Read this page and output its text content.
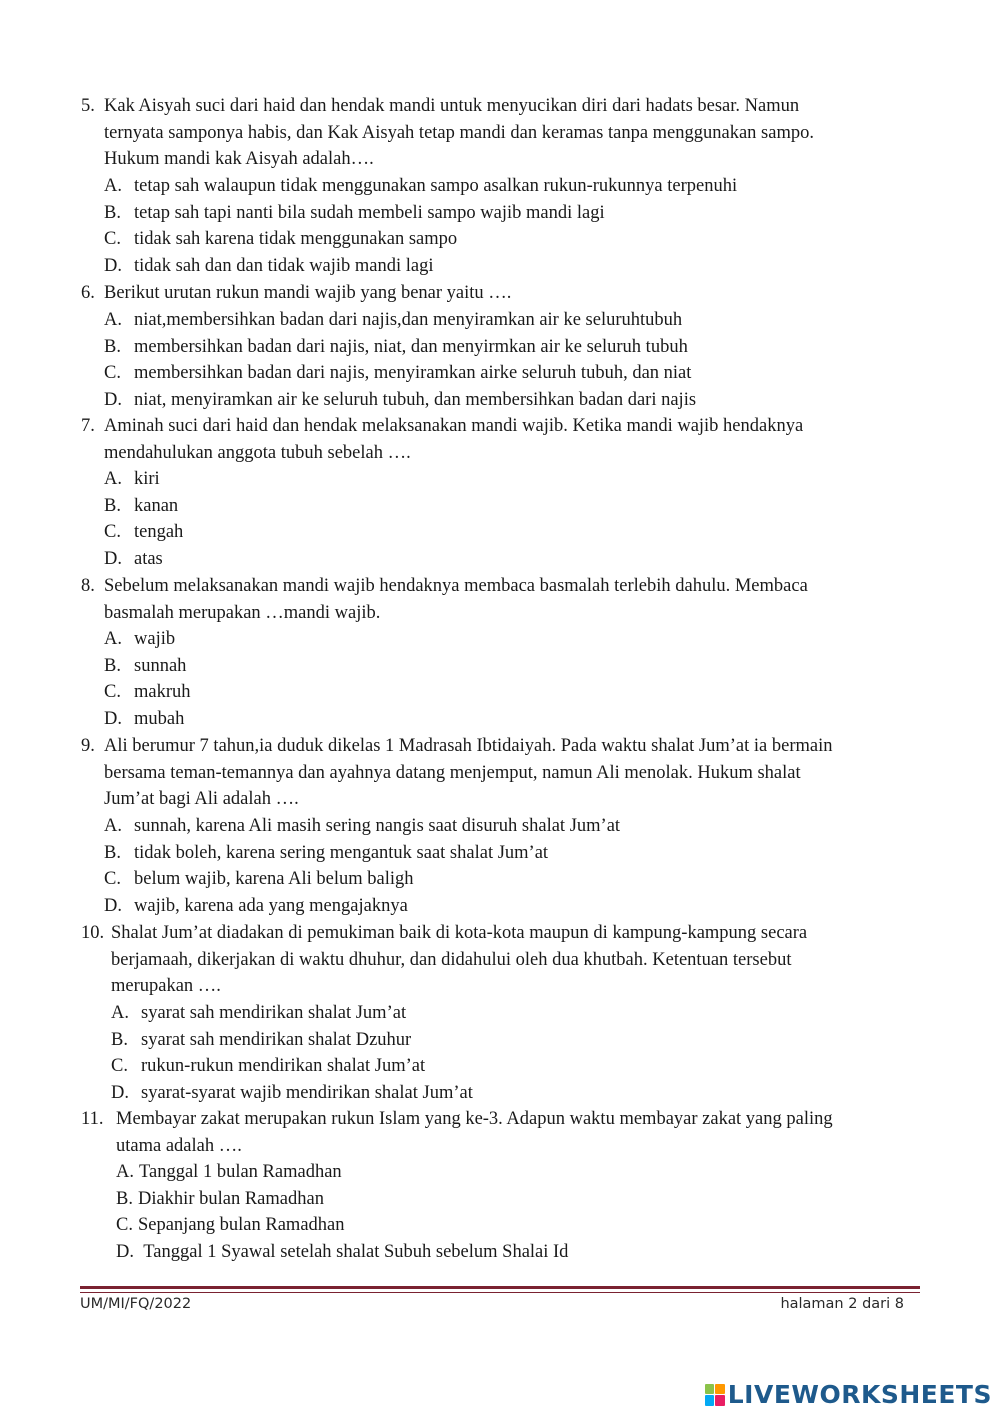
5. Kak Aisyah suci dari haid dan hendak mandi untuk menyucikan diri dari hadats besar. Namun
ternyata samponya habis, dan Kak Aisyah tetap mandi dan keramas tanpa menggunakan sampo.
Hukum mandi kak Aisyah adalah….
A. tetap sah walaupun tidak menggunakan sampo asalkan rukun-rukunnya terpenuhi
B. tetap sah tapi nanti bila sudah membeli sampo wajib mandi lagi
C. tidak sah karena tidak menggunakan sampo
D. tidak sah dan dan tidak wajib mandi lagi
6. Berikut urutan rukun mandi wajib yang benar yaitu ….
A. niat,membersihkan badan dari najis,dan menyiramkan air ke seluruhtubuh
B. membersihkan badan dari najis, niat, dan menyirmkan air ke seluruh tubuh
C. membersihkan badan dari najis, menyiramkan airke seluruh tubuh, dan niat
D. niat, menyiramkan air ke seluruh tubuh, dan membersihkan badan dari najis
7. Aminah suci dari haid dan hendak melaksanakan mandi wajib. Ketika mandi wajib hendaknya
mendahulukan anggota tubuh sebelah ….
A. kiri
B. kanan
C. tengah
D. atas
8. Sebelum melaksanakan mandi wajib hendaknya membaca basmalah terlebih dahulu. Membaca
basmalah merupakan …mandi wajib.
A. wajib
B. sunnah
C. makruh
D. mubah
9. Ali berumur 7 tahun,ia duduk dikelas 1 Madrasah Ibtidaiyah. Pada waktu shalat Jum’at ia bermain
bersama teman-temannya dan ayahnya datang menjemput, namun Ali menolak. Hukum shalat
Jum’at bagi Ali adalah ….
A. sunnah, karena Ali masih sering nangis saat disuruh shalat Jum’at
B. tidak boleh, karena sering mengantuk saat shalat Jum’at
C. belum wajib, karena Ali belum baligh
D. wajib, karena ada yang mengajaknya
10. Shalat Jum’at diadakan di pemukiman baik di kota-kota maupun di kampung-kampung secara
berjamaah, dikerjakan di waktu dhuhur, dan didahului oleh dua khutbah. Ketentuan tersebut
merupakan ….
A. syarat sah mendirikan shalat Jum’at
B. syarat sah mendirikan shalat Dzuhur
C. rukun-rukun mendirikan shalat Jum’at
D. syarat-syarat wajib mendirikan shalat Jum’at
11. Membayar zakat merupakan rukun Islam yang ke-3. Adapun waktu membayar zakat yang paling
utama adalah ….
A. Tanggal 1 bulan Ramadhan
B. Diakhir bulan Ramadhan
C. Sepanjang bulan Ramadhan
D. Tanggal 1 Syawal setelah shalat Subuh sebelum Shalai Id
UM/MI/FQ/2022	halaman 2 dari 8
LIVEWORKSHEETS
